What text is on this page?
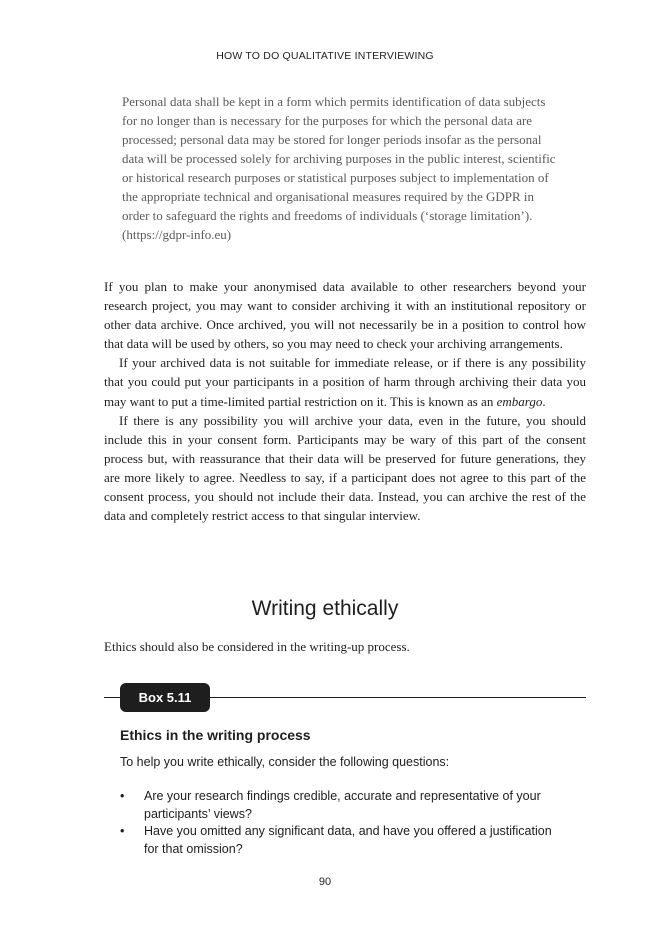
HOW TO DO QUALITATIVE INTERVIEWING
Personal data shall be kept in a form which permits identification of data subjects for no longer than is necessary for the purposes for which the personal data are processed; personal data may be stored for longer periods insofar as the personal data will be processed solely for archiving purposes in the public interest, scientific or historical research purposes or statistical purposes subject to implementation of the appropriate technical and organisational measures required by the GDPR in order to safeguard the rights and freedoms of individuals (‘storage limitation’). (https://gdpr-info.eu)

If you plan to make your anonymised data available to other researchers beyond your research project, you may want to consider archiving it with an institutional repository or other data archive. Once archived, you will not necessarily be in a position to control how that data will be used by others, so you may need to check your archiving arrangements.

If your archived data is not suitable for immediate release, or if there is any possibility that you could put your participants in a position of harm through archiving their data you may want to put a time-limited partial restriction on it. This is known as an embargo.

If there is any possibility you will archive your data, even in the future, you should include this in your consent form. Participants may be wary of this part of the consent process but, with reassurance that their data will be preserved for future generations, they are more likely to agree. Needless to say, if a participant does not agree to this part of the consent process, you should not include their data. Instead, you can archive the rest of the data and completely restrict access to that singular interview.

Writing ethically
Ethics should also be considered in the writing-up process.
Box 5.11
Ethics in the writing process
To help you write ethically, consider the following questions:
• Are your research findings credible, accurate and representative of your participants’ views?
• Have you omitted any significant data, and have you offered a justification for that omission?
90
